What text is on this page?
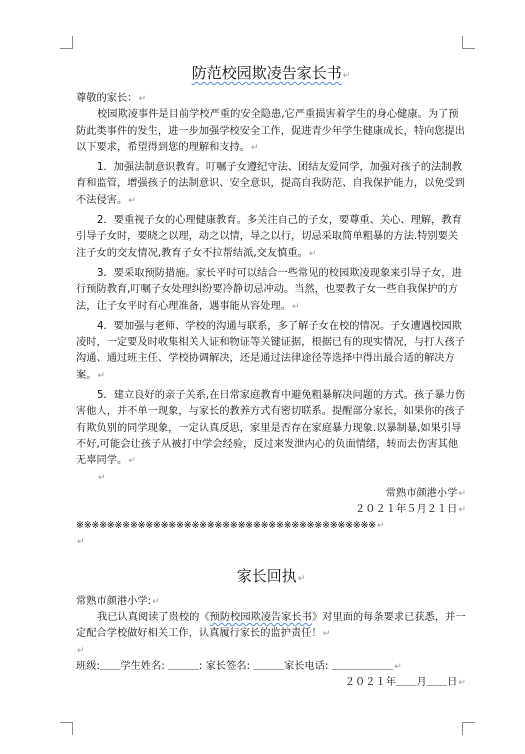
防范校园欺凌告家长书↵
尊敬的家长：↵
校园欺凌事件是目前学校严重的安全隐患,它严重损害着学生的身心健康。为了预防此类事件的发生，进一步加强学校安全工作，促进青少年学生健康成长，特向您提出以下要求，希望得到您的理解和支持。↵
1．加强法制意识教育。叮嘱子女遵纪守法、团结友爱同学，加强对孩子的法制教育和监管，增强孩子的法制意识、安全意识，提高自我防范、自我保护能力，以免受到不法侵害。↵
2．要重视子女的心理健康教育。多关注自己的子女，要尊重、关心、理解，教育引导子女时，要晓之以理，动之以情，导之以行，切忌采取简单粗暴的方法.特别要关注子女的交友情况,教育子女不拉帮结派,交友慎重。↵
3．要采取预防措施。家长平时可以结合一些常见的校园欺凌现象来引导子女，进行预防教育,叮嘱子女处理纠纷要冷静切忌冲动。当然，也要教子女一些自我保护的方法，让子女平时有心理准备，遇事能从容处理。↵
4．要加强与老师、学校的沟通与联系，多了解子女在校的情况。子女遭遇校园欺凌时，一定要及时收集相关人证和物证等关键证据，根据已有的现实情况，与打人孩子沟通、通过班主任、学校协调解决，还是通过法律途径等选择中得出最合适的解决方案。↵
5．建立良好的亲子关系,在日常家庭教育中避免粗暴解决问题的方式。孩子暴力伤害他人，并不单一现象，与家长的教养方式有密切联系。提醒部分家长，如果你的孩子有欺负别的同学现象，一定认真反思，家里是否存在家庭暴力现象.以暴制暴,如果引导不好,可能会让孩子从被打中学会经验，反过来发泄内心的负面情绪，转而去伤害其他无辜同学。↵
↵
常熟市颜港小学↵
２０２１年５月２１日↵
※※※※※※※※※※※※※※※※※※※※※※※※※※※※※※※※※※※※※※※↵
↵
家长回执↵
常熟市颜港小学:↵
我已认真阅读了贵校的《预防校园欺凌告家长书》对里面的每条要求已获悉，并一定配合学校做好相关工作，认真履行家长的监护责任！↵
↵
班级:＿＿学生姓名: ＿＿＿: 家长签名: ＿＿＿家长电话: ＿＿＿＿＿＿↵
２０２１年＿＿月＿＿日↵
